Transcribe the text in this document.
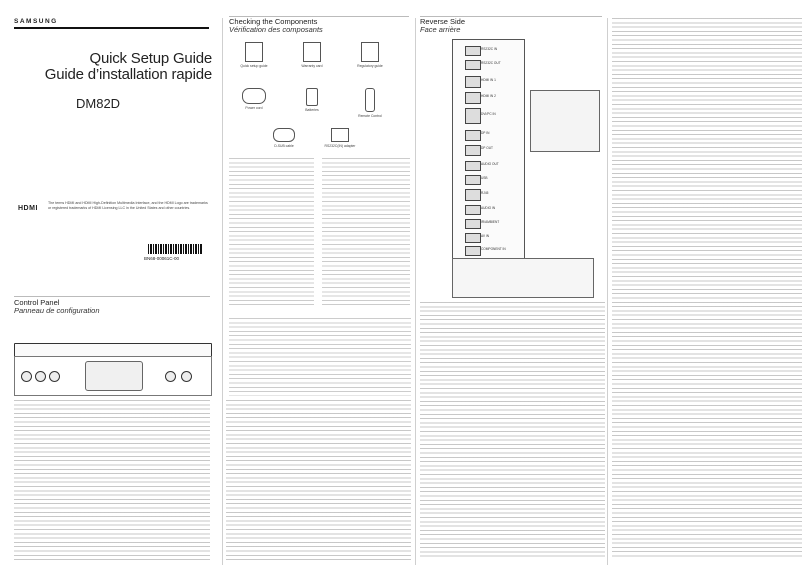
SAMSUNG
Quick Setup Guide
Guide d’installation rapide
DM82D
HDMI
The terms HDMI and HDMI High-Definition Multimedia Interface, and the HDMI Logo are trademarks or registered trademarks of HDMI Licensing LLC in the United States and other countries.
BN68-00061C-00
Control Panel
Panneau de configuration
Checking the Components
Vérification des composants
Quick setup guide	Warranty card	Regulatory guide
Power cord	Batteries
Remote Control
D-SUB cable	RS232C(IN) adapter
Reverse Side
Face arrière
RS232C IN
RS232C OUT
HDMI IN 1
HDMI IN 2
DVI/PC IN
DP IN
DP OUT
AUDIO OUT
USB
RJ45
AUDIO IN
IR/AMBIENT
AV IN
COMPONENT IN
